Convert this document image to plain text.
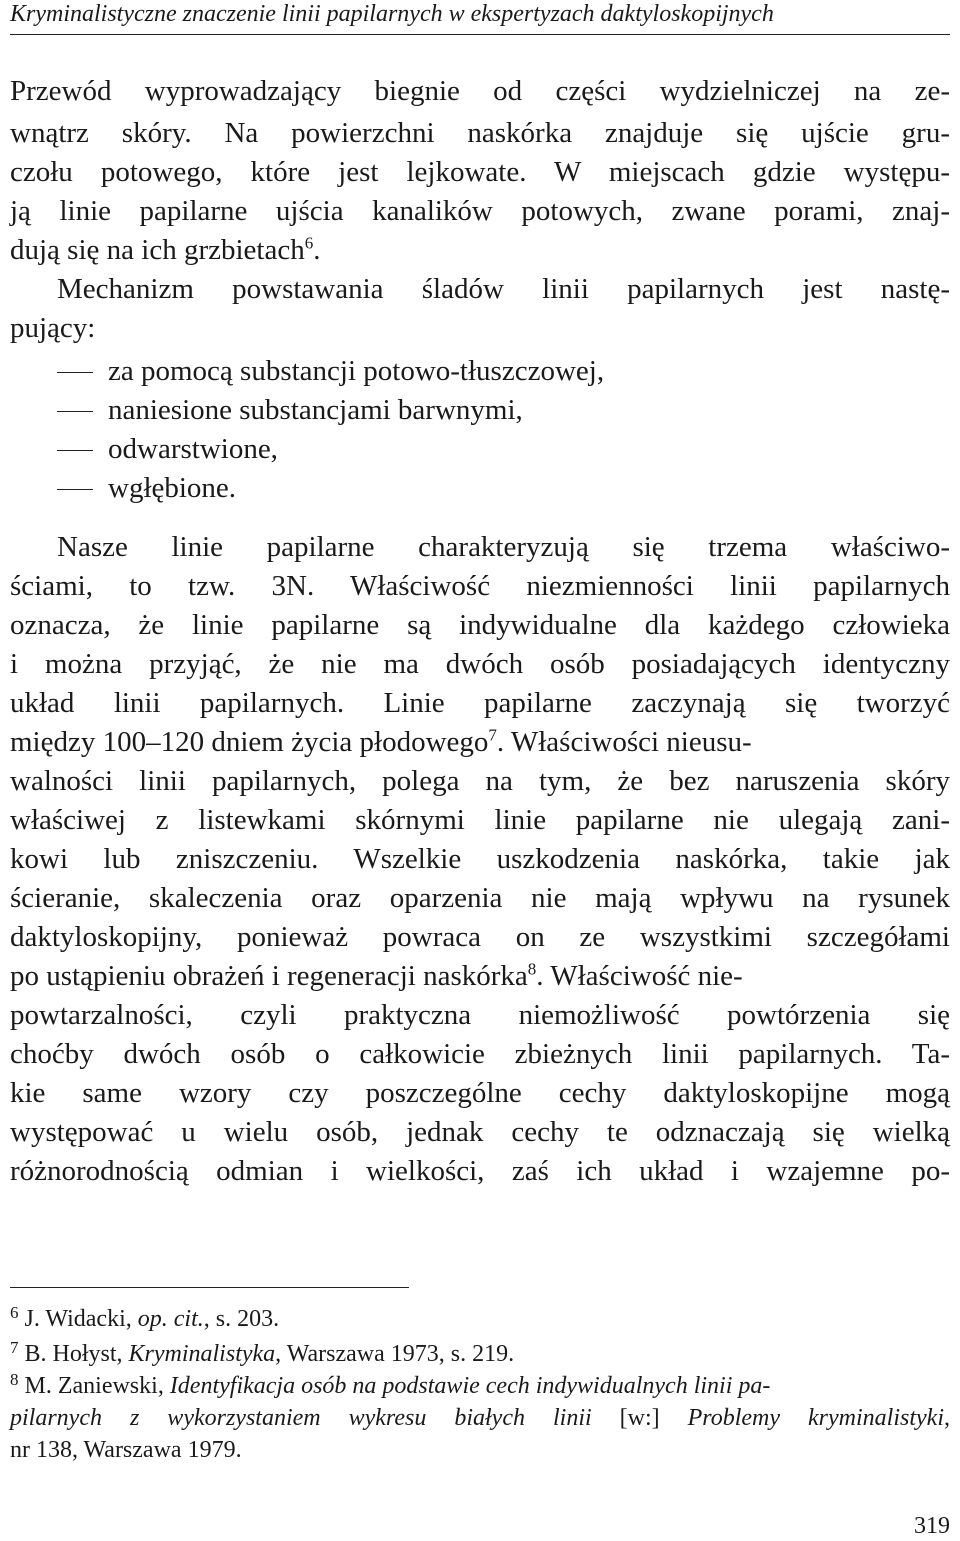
Kryminalistyczne znaczenie linii papilarnych w ekspertyzach daktyloskopijnych
Przewód wyprowadzający biegnie od części wydzielniczej na ze-
wnątrz skóry. Na powierzchni naskórka znajduje się ujście gru-
czołu potowego, które jest lejkowate. W miejscach gdzie występu-
ją linie papilarne ujścia kanalików potowych, zwane porami, znaj-
dują się na ich grzbietach$^6$.
Mechanizm powstawania śladów linii papilarnych jest nastę-
pujący:
za pomocą substancji potowo-tłuszczowej,
naniesione substancjami barwnymi,
odwarstwione,
wgłębione.
Nasze linie papilarne charakteryzują się trzema właściwo-
ściami, to tzw. 3N. Właściwość niezmienności linii papilarnych
oznacza, że linie papilarne są indywidualne dla każdego człowieka
i można przyjąć, że nie ma dwóch osób posiadających identyczny
układ linii papilarnych. Linie papilarne zaczynają się tworzyć
między 100–120 dniem życia płodowego$^7$. Właściwości nieusu-
walności linii papilarnych, polega na tym, że bez naruszenia skóry
właściwej z listewkami skórnymi linie papilarne nie ulegają zani-
kowi lub zniszczeniu. Wszelkie uszkodzenia naskórka, takie jak
ścieranie, skaleczenia oraz oparzenia nie mają wpływu na rysunek
daktyloskopijny, ponieważ powraca on ze wszystkimi szczegółami
po ustąpieniu obrażeń i regeneracji naskórka$^8$. Właściwość nie-
powtarzalności, czyli praktyczna niemożliwość powtórzenia się
choćby dwóch osób o całkowicie zbieżnych linii papilarnych. Ta-
kie same wzory czy poszczególne cechy daktyloskopijne mogą
występować u wielu osób, jednak cechy te odznaczają się wielką
różnorodnością odmian i wielkości, zaś ich układ i wzajemne po-
$^6$ J. Widacki, op. cit., s. 203.
$^7$ B. Hołyst, Kryminalistyka, Warszawa 1973, s. 219.
$^8$ M. Zaniewski, Identyfikacja osób na podstawie cech indywidualnych linii pa-
pilarnych z wykorzystaniem wykresu białych linii [w:] Problemy kryminalistyki,
nr 138, Warszawa 1979.
319
